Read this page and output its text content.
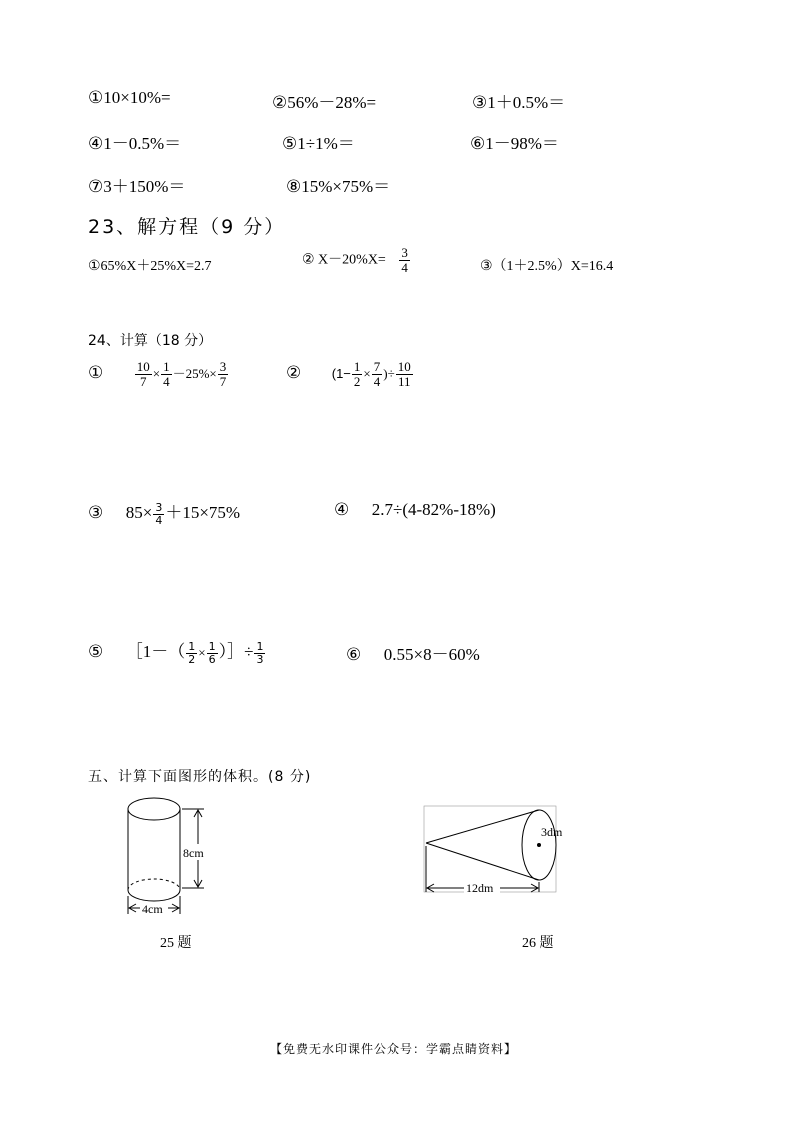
①10×10%=	②56%－28%=	③1＋0.5%＝
④1－0.5%＝	⑤1÷1%＝	⑥1－98%＝
⑦3＋150%＝	⑧15%×75%＝
23、解方程（9 分）
①65%X＋25%X=2.7	② $X-20\%X= \frac{3}{4}$	③（1＋2.5%）X=16.4
24、计算（18 分）
① $\frac{10}{7} \times \frac{1}{4} -25\%\times \frac{3}{7}$	② ($1- \frac{1}{2} \times \frac{7}{4}$ )÷ $\frac{10}{11}$
③ $85\times \frac{3}{4} +15\times 75\%$	④ 2.7÷(4-82%-18%)
⑤ ［1－（ $\frac{1}{2} \times \frac{1}{6}$ ）］÷ $\frac{1}{3}$	⑥ 0.55×8－60%
五、计算下面图形的体积。(8 分)
8cm
4cm
25 题
3dm
12dm
26 题
【免费无水印课件公众号：学霸点睛资料】
